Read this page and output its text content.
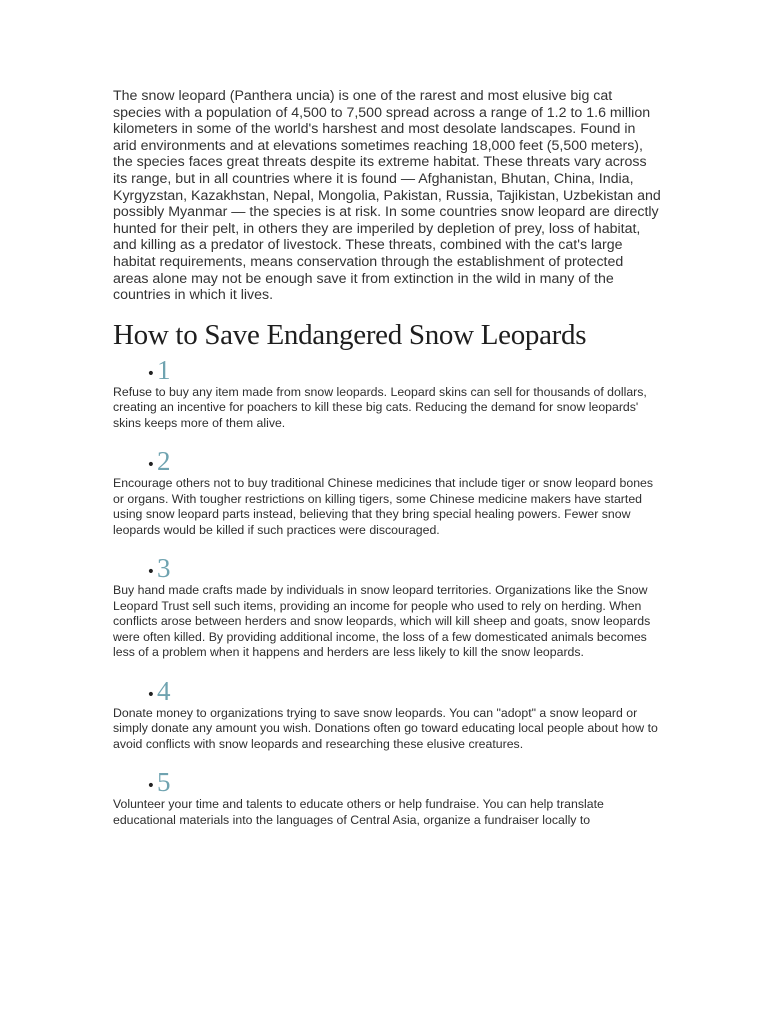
The snow leopard (Panthera uncia) is one of the rarest and most elusive big cat species with a population of 4,500 to 7,500 spread across a range of 1.2 to 1.6 million kilometers in some of the world's harshest and most desolate landscapes. Found in arid environments and at elevations sometimes reaching 18,000 feet (5,500 meters), the species faces great threats despite its extreme habitat. These threats vary across its range, but in all countries where it is found — Afghanistan, Bhutan, China, India, Kyrgyzstan, Kazakhstan, Nepal, Mongolia, Pakistan, Russia, Tajikistan, Uzbekistan and possibly Myanmar — the species is at risk. In some countries snow leopard are directly hunted for their pelt, in others they are imperiled by depletion of prey, loss of habitat, and killing as a predator of livestock. These threats, combined with the cat's large habitat requirements, means conservation through the establishment of protected areas alone may not be enough save it from extinction in the wild in many of the countries in which it lives.

How to Save Endangered Snow Leopards
• 1

Refuse to buy any item made from snow leopards. Leopard skins can sell for thousands of dollars, creating an incentive for poachers to kill these big cats. Reducing the demand for snow leopards' skins keeps more of them alive.

• 2

Encourage others not to buy traditional Chinese medicines that include tiger or snow leopard bones or organs. With tougher restrictions on killing tigers, some Chinese medicine makers have started using snow leopard parts instead, believing that they bring special healing powers. Fewer snow leopards would be killed if such practices were discouraged.

• 3

Buy hand made crafts made by individuals in snow leopard territories. Organizations like the Snow Leopard Trust sell such items, providing an income for people who used to rely on herding. When conflicts arose between herders and snow leopards, which will kill sheep and goats, snow leopards were often killed. By providing additional income, the loss of a few domesticated animals becomes less of a problem when it happens and herders are less likely to kill the snow leopards.

• 4

Donate money to organizations trying to save snow leopards. You can "adopt" a snow leopard or simply donate any amount you wish. Donations often go toward educating local people about how to avoid conflicts with snow leopards and researching these elusive creatures.

• 5

Volunteer your time and talents to educate others or help fundraise. You can help translate educational materials into the languages of Central Asia, organize a fundraiser locally to
